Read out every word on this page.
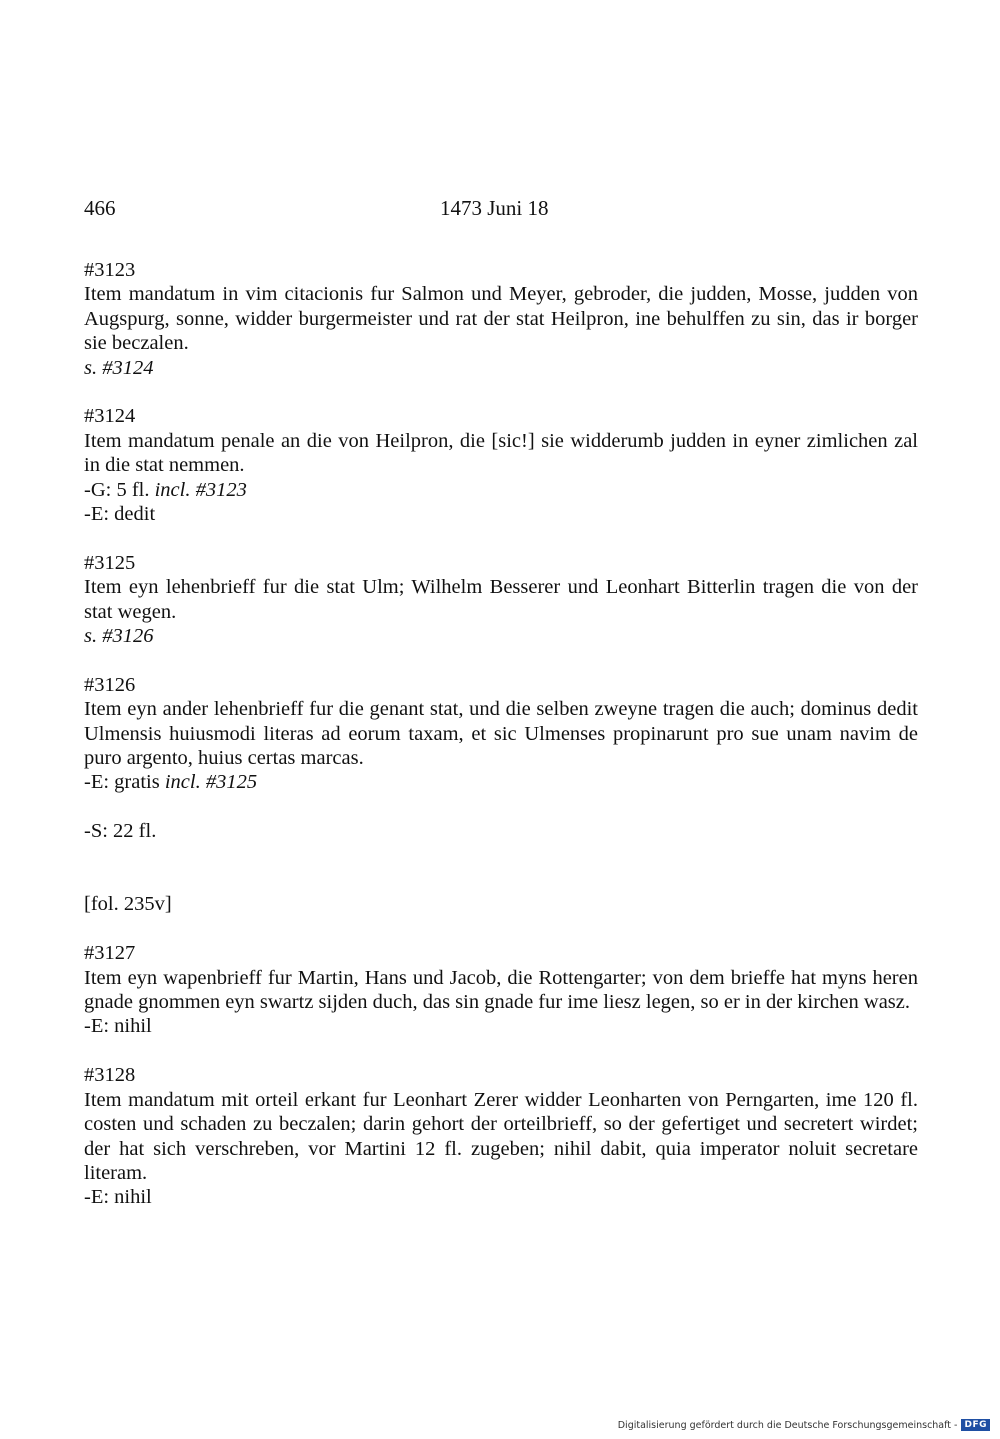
466	1473 Juni 18
#3123
Item mandatum in vim citacionis fur Salmon und Meyer, gebroder, die judden, Mosse, judden von Augspurg, sonne, widder burgermeister und rat der stat Heilpron, ine behulffen zu sin, das ir borger sie beczalen.
s. #3124
#3124
Item mandatum penale an die von Heilpron, die [sic!] sie widderumb judden in eyner zimlichen zal in die stat nemmen.
-G: 5 fl. incl. #3123
-E: dedit
#3125
Item eyn lehenbrieff fur die stat Ulm; Wilhelm Besserer und Leonhart Bitterlin tragen die von der stat wegen.
s. #3126
#3126
Item eyn ander lehenbrieff fur die genant stat, und die selben zweyne tragen die auch; dominus dedit Ulmensis huiusmodi literas ad eorum taxam, et sic Ulmenses propinarunt pro sue unam navim de puro argento, huius certas marcas.
-E: gratis incl. #3125
-S: 22 fl.
[fol. 235v]
#3127
Item eyn wapenbrieff fur Martin, Hans und Jacob, die Rottengarter; von dem brieffe hat myns heren gnade gnommen eyn swartz sijden duch, das sin gnade fur ime liesz legen, so er in der kirchen wasz.
-E: nihil
#3128
Item mandatum mit orteil erkant fur Leonhart Zerer widder Leonharten von Perngarten, ime 120 fl. costen und schaden zu beczalen; darin gehort der orteilbrieff, so der gefertiget und secretert wirdet; der hat sich verschreben, vor Martini 12 fl. zugeben; nihil dabit, quia imperator noluit secretare literam.
-E: nihil
Digitalisierung gefördert durch die Deutsche Forschungsgemeinschaft - DFG
